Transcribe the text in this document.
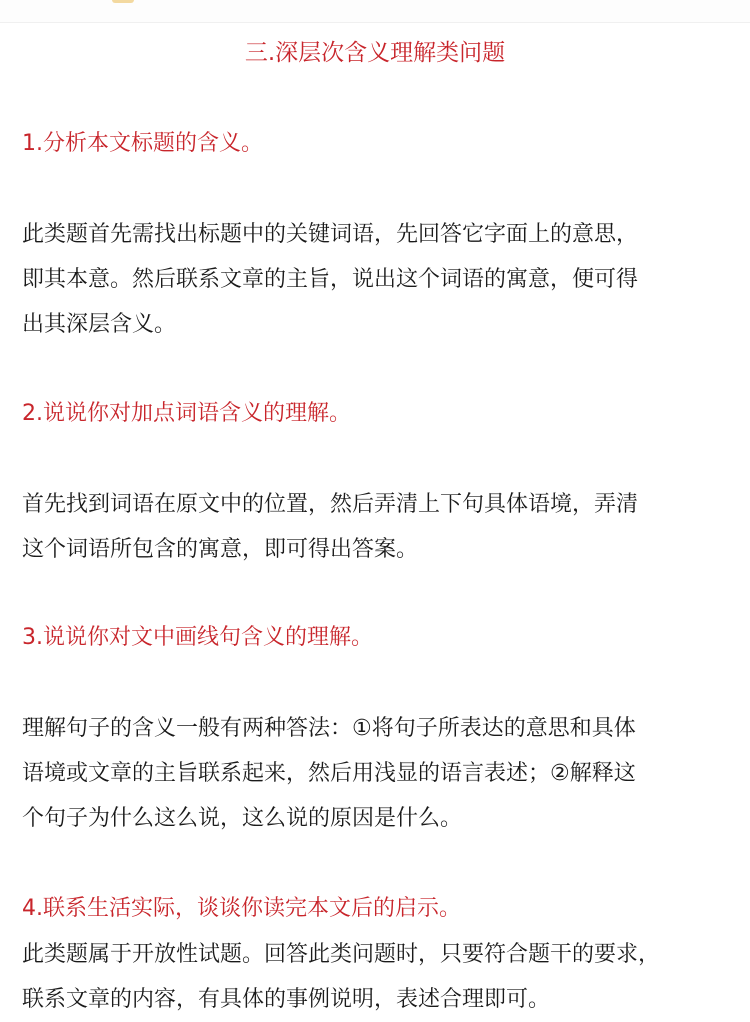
三.深层次含义理解类问题
1.分析本文标题的含义。
此类题首先需找出标题中的关键词语，先回答它字面上的意思，
即其本意。然后联系文章的主旨，说出这个词语的寓意，便可得
出其深层含义。
2.说说你对加点词语含义的理解。
首先找到词语在原文中的位置，然后弄清上下句具体语境，弄清
这个词语所包含的寓意，即可得出答案。
3.说说你对文中画线句含义的理解。
理解句子的含义一般有两种答法：①将句子所表达的意思和具体
语境或文章的主旨联系起来，然后用浅显的语言表述；②解释这
个句子为什么这么说，这么说的原因是什么。
4.联系生活实际，谈谈你读完本文后的启示。
此类题属于开放性试题。回答此类问题时，只要符合题干的要求，
联系文章的内容，有具体的事例说明，表述合理即可。
